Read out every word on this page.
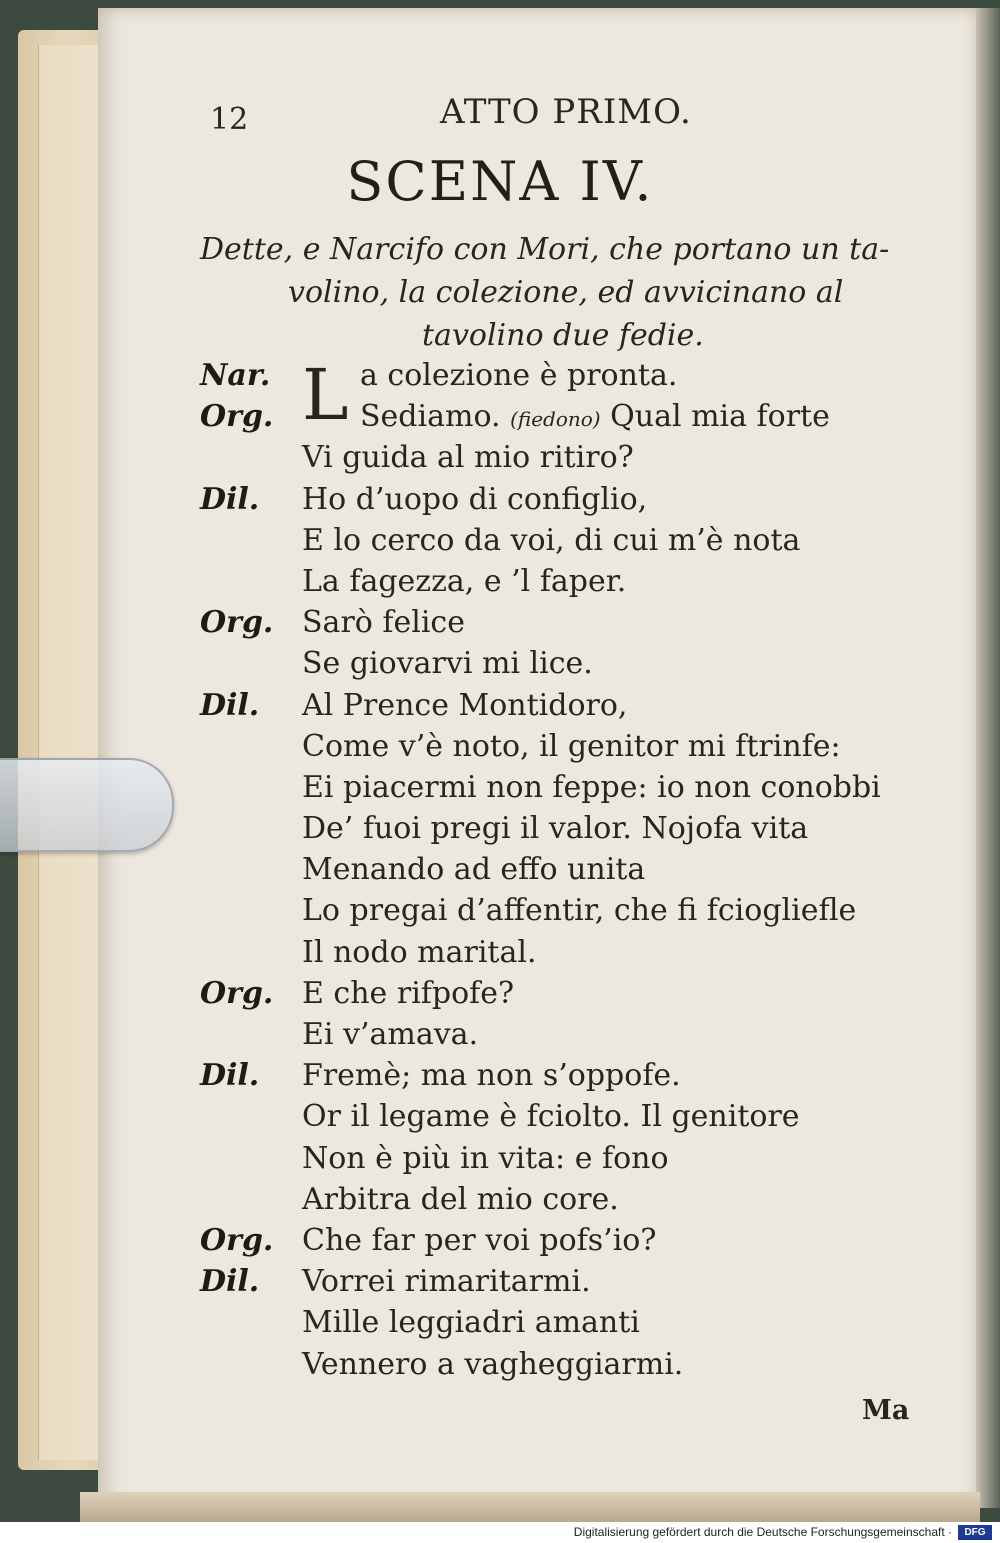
12	ATTO PRIMO.
SCENA IV.
Dette, e Narcifo con Mori, che portano un ta-
volino, la colezione, ed avvicinano al
tavolino due fedie.
Nar. L a colezione è pronta.
Org.	Sediamo. (fiedono) Qual mia forte
Vi guida al mio ritiro?
Dil. Ho d’uopo di configlio,
E lo cerco da voi, di cui m’è nota
La fagezza, e ’l faper.
Org. Sarò felice
Se giovarvi mi lice.
Dil. Al Prence Montidoro,
Come v’è noto, il genitor mi ftrinfe:
Ei piacermi non feppe: io non conobbi
De’ fuoi pregi il valor. Nojofa vita
Menando ad effo unita
Lo pregai d’affentir, che fi fciogliefle
Il nodo marital.
Org. E che rifpofe?
Ei v’amava.
Dil. Fremè; ma non s’oppofe.
Or il legame è fciolto. Il genitore
Non è più in vita: e fono
Arbitra del mio core.
Org. Che far per voi pofs’io?
Dil. Vorrei rimaritarmi.
Mille leggiadri amanti
Vennero a vagheggiarmi.
Ma
Digitalisierung gefördert durch die Deutsche Forschungsgemeinschaft ·	DFG
